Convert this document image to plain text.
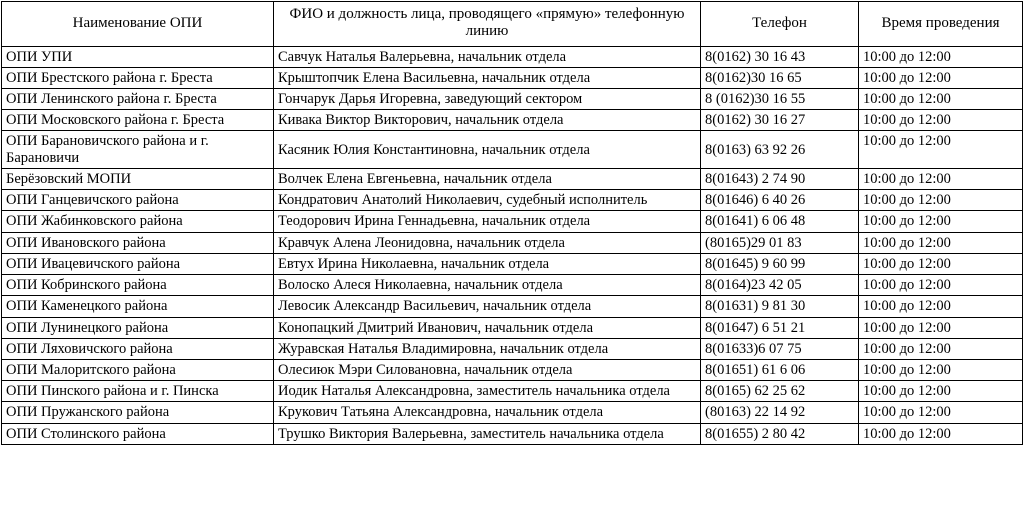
Наименование ОПИ	ФИО и должность лица, проводящего «прямую» телефонную линию	Телефон	Время проведения
ОПИ УПИ	Савчук Наталья Валерьевна, начальник отдела	8(0162) 30 16 43	10:00 до 12:00
ОПИ Брестского района г. Бреста	Крыштопчик Елена Васильевна, начальник отдела	8(0162)30 16 65	10:00 до 12:00
ОПИ Ленинского района г. Бреста	Гончарук Дарья Игоревна, заведующий сектором	8 (0162)30 16 55	10:00 до 12:00
ОПИ Московского района г. Бреста	Кивака Виктор Викторович, начальник отдела	8(0162) 30 16 27	10:00 до 12:00
ОПИ Барановичского района и г. Барановичи	Касяник Юлия Константиновна, начальник отдела	8(0163) 63 92 26	10:00 до 12:00
Берёзовский МОПИ	Волчек Елена Евгеньевна, начальник отдела	8(01643) 2 74 90	10:00 до 12:00
ОПИ Ганцевичского района	Кондратович Анатолий Николаевич, судебный исполнитель	8(01646) 6 40 26	10:00 до 12:00
ОПИ Жабинковского района	Теодорович Ирина Геннадьевна, начальник отдела	8(01641) 6 06 48	10:00 до 12:00
ОПИ Ивановского района	Кравчук Алена Леонидовна, начальник отдела	(80165)29 01 83	10:00 до 12:00
ОПИ Ивацевичского района	Евтух Ирина Николаевна, начальник отдела	8(01645) 9 60 99	10:00 до 12:00
ОПИ Кобринского района	Волоско Алеся Николаевна, начальник отдела	8(0164)23 42 05	10:00 до 12:00
ОПИ Каменецкого района	Левосик Александр Васильевич, начальник отдела	8(01631) 9 81 30	10:00 до 12:00
ОПИ Лунинецкого района	Конопацкий Дмитрий Иванович, начальник отдела	8(01647) 6 51 21	10:00 до 12:00
ОПИ Ляховичского района	Журавская Наталья Владимировна, начальник отдела	8(01633)6 07 75	10:00 до 12:00
ОПИ Малоритского района	Олесиюк Мэри Силовановна, начальник отдела	8(01651) 61 6 06	10:00 до 12:00
ОПИ Пинского района и г. Пинска	Иодик Наталья Александровна, заместитель начальника отдела	8(0165) 62 25 62	10:00 до 12:00
ОПИ Пружанского района	Крукович Татьяна Александровна, начальник отдела	(80163) 22 14 92	10:00 до 12:00
ОПИ Столинского района	Трушко Виктория Валерьевна, заместитель начальника отдела	8(01655) 2 80 42	10:00 до 12:00
